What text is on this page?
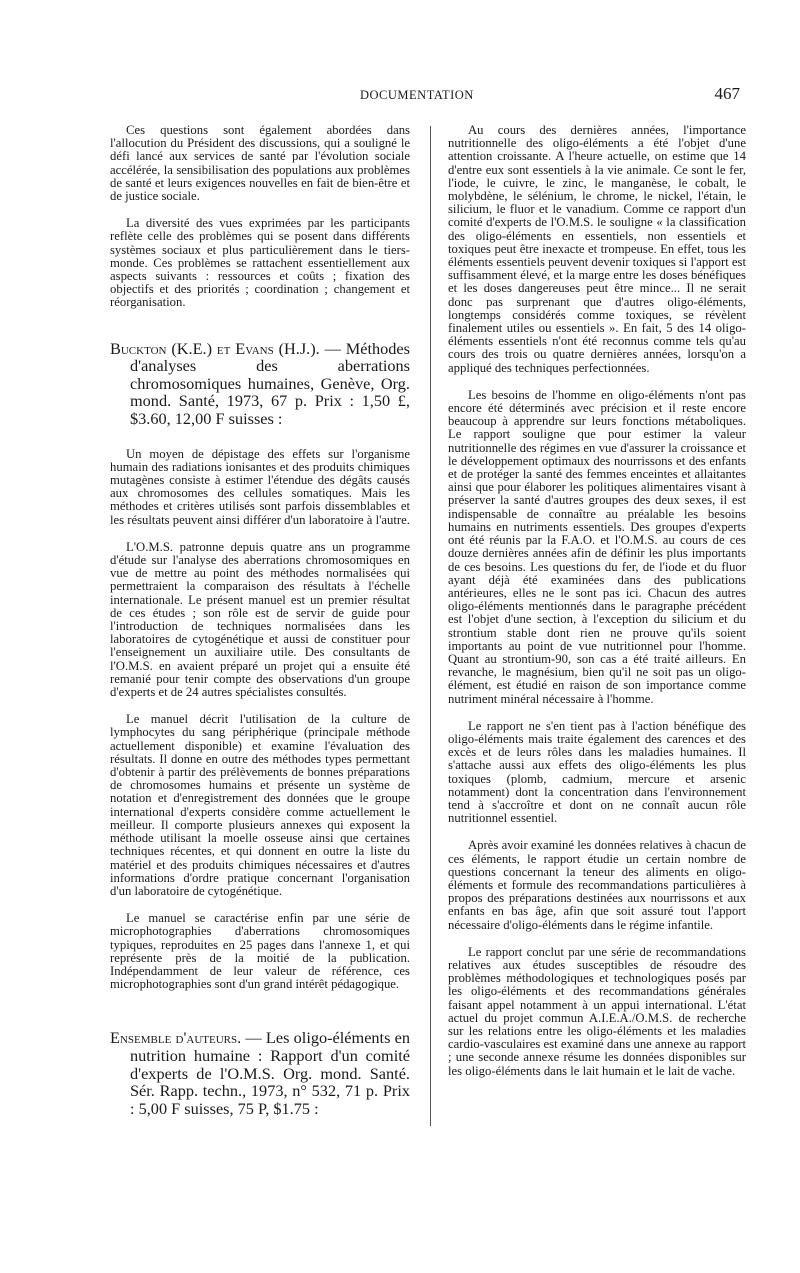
DOCUMENTATION	467

Ces questions sont également abordées dans l'allocution du Président des discussions, qui a souligné le défi lancé aux services de santé par l'évolution sociale accélérée, la sensibilisation des populations aux problèmes de santé et leurs exigences nouvelles en fait de bien-être et de justice sociale.

La diversité des vues exprimées par les participants reflète celle des problèmes qui se posent dans différents systèmes sociaux et plus particulièrement dans le tiers-monde. Ces problèmes se rattachent essentiellement aux aspects suivants : ressources et coûts ; fixation des objectifs et des priorités ; coordination ; changement et réorganisation.

Buckton (K.E.) et Evans (H.J.). — Méthodes d'analyses des aberrations chromosomiques humaines, Genève, Org. mond. Santé, 1973, 67 p. Prix : 1,50 £, $3.60, 12,00 F suisses :

Un moyen de dépistage des effets sur l'organisme humain des radiations ionisantes et des produits chimiques mutagènes consiste à estimer l'étendue des dégâts causés aux chromosomes des cellules somatiques. Mais les méthodes et critères utilisés sont parfois dissemblables et les résultats peuvent ainsi différer d'un laboratoire à l'autre.

L'O.M.S. patronne depuis quatre ans un programme d'étude sur l'analyse des aberrations chromosomiques en vue de mettre au point des méthodes normalisées qui permettraient la comparaison des résultats à l'échelle internationale. Le présent manuel est un premier résultat de ces études ; son rôle est de servir de guide pour l'introduction de techniques normalisées dans les laboratoires de cytogénétique et aussi de constituer pour l'enseignement un auxiliaire utile. Des consultants de l'O.M.S. en avaient préparé un projet qui a ensuite été remanié pour tenir compte des observations d'un groupe d'experts et de 24 autres spécialistes consultés.

Le manuel décrit l'utilisation de la culture de lymphocytes du sang périphérique (principale méthode actuellement disponible) et examine l'évaluation des résultats. Il donne en outre des méthodes types permettant d'obtenir à partir des prélèvements de bonnes préparations de chromosomes humains et présente un système de notation et d'enregistrement des données que le groupe international d'experts considère comme actuellement le meilleur. Il comporte plusieurs annexes qui exposent la méthode utilisant la moelle osseuse ainsi que certaines techniques récentes, et qui donnent en outre la liste du matériel et des produits chimiques nécessaires et d'autres informations d'ordre pratique concernant l'organisation d'un laboratoire de cytogénétique.

Le manuel se caractérise enfin par une série de microphotographies d'aberrations chromosomiques typiques, reproduites en 25 pages dans l'annexe 1, et qui représente près de la moitié de la publication. Indépendamment de leur valeur de référence, ces microphotographies sont d'un grand intérêt pédagogique.

Ensemble d'auteurs. — Les oligo-éléments en nutrition humaine : Rapport d'un comité d'experts de l'O.M.S. Org. mond. Santé. Sér. Rapp. techn., 1973, n° 532, 71 p. Prix : 5,00 F suisses, 75 P, $1.75 :

Au cours des dernières années, l'importance nutritionnelle des oligo-éléments a été l'objet d'une attention croissante. A l'heure actuelle, on estime que 14 d'entre eux sont essentiels à la vie animale. Ce sont le fer, l'iode, le cuivre, le zinc, le manganèse, le cobalt, le molybdène, le sélénium, le chrome, le nickel, l'étain, le silicium, le fluor et le vanadium. Comme ce rapport d'un comité d'experts de l'O.M.S. le souligne « la classification des oligo-éléments en essentiels, non essentiels et toxiques peut être inexacte et trompeuse. En effet, tous les éléments essentiels peuvent devenir toxiques si l'apport est suffisamment élevé, et la marge entre les doses bénéfiques et les doses dangereuses peut être mince... Il ne serait donc pas surprenant que d'autres oligo-éléments, longtemps considérés comme toxiques, se révèlent finalement utiles ou essentiels ». En fait, 5 des 14 oligo-éléments essentiels n'ont été reconnus comme tels qu'au cours des trois ou quatre dernières années, lorsqu'on a appliqué des techniques perfectionnées.

Les besoins de l'homme en oligo-éléments n'ont pas encore été déterminés avec précision et il reste encore beaucoup à apprendre sur leurs fonctions métaboliques. Le rapport souligne que pour estimer la valeur nutritionnelle des régimes en vue d'assurer la croissance et le développement optimaux des nourrissons et des enfants et de protéger la santé des femmes enceintes et allaitantes ainsi que pour élaborer les politiques alimentaires visant à préserver la santé d'autres groupes des deux sexes, il est indispensable de connaître au préalable les besoins humains en nutriments essentiels. Des groupes d'experts ont été réunis par la F.A.O. et l'O.M.S. au cours de ces douze dernières années afin de définir les plus importants de ces besoins. Les questions du fer, de l'iode et du fluor ayant déjà été examinées dans des publications antérieures, elles ne le sont pas ici. Chacun des autres oligo-éléments mentionnés dans le paragraphe précédent est l'objet d'une section, à l'exception du silicium et du strontium stable dont rien ne prouve qu'ils soient importants au point de vue nutritionnel pour l'homme. Quant au strontium-90, son cas a été traité ailleurs. En revanche, le magnésium, bien qu'il ne soit pas un oligo-élément, est étudié en raison de son importance comme nutriment minéral nécessaire à l'homme.

Le rapport ne s'en tient pas à l'action bénéfique des oligo-éléments mais traite également des carences et des excès et de leurs rôles dans les maladies humaines. Il s'attache aussi aux effets des oligo-éléments les plus toxiques (plomb, cadmium, mercure et arsenic notamment) dont la concentration dans l'environnement tend à s'accroître et dont on ne connaît aucun rôle nutritionnel essentiel.

Après avoir examiné les données relatives à chacun de ces éléments, le rapport étudie un certain nombre de questions concernant la teneur des aliments en oligo-éléments et formule des recommandations particulières à propos des préparations destinées aux nourrissons et aux enfants en bas âge, afin que soit assuré tout l'apport nécessaire d'oligo-éléments dans le régime infantile.

Le rapport conclut par une série de recommandations relatives aux études susceptibles de résoudre des problèmes méthodologiques et technologiques posés par les oligo-éléments et des recommandations générales faisant appel notamment à un appui international. L'état actuel du projet commun A.I.E.A./O.M.S. de recherche sur les relations entre les oligo-éléments et les maladies cardio-vasculaires est examiné dans une annexe au rapport ; une seconde annexe résume les données disponibles sur les oligo-éléments dans le lait humain et le lait de vache.
